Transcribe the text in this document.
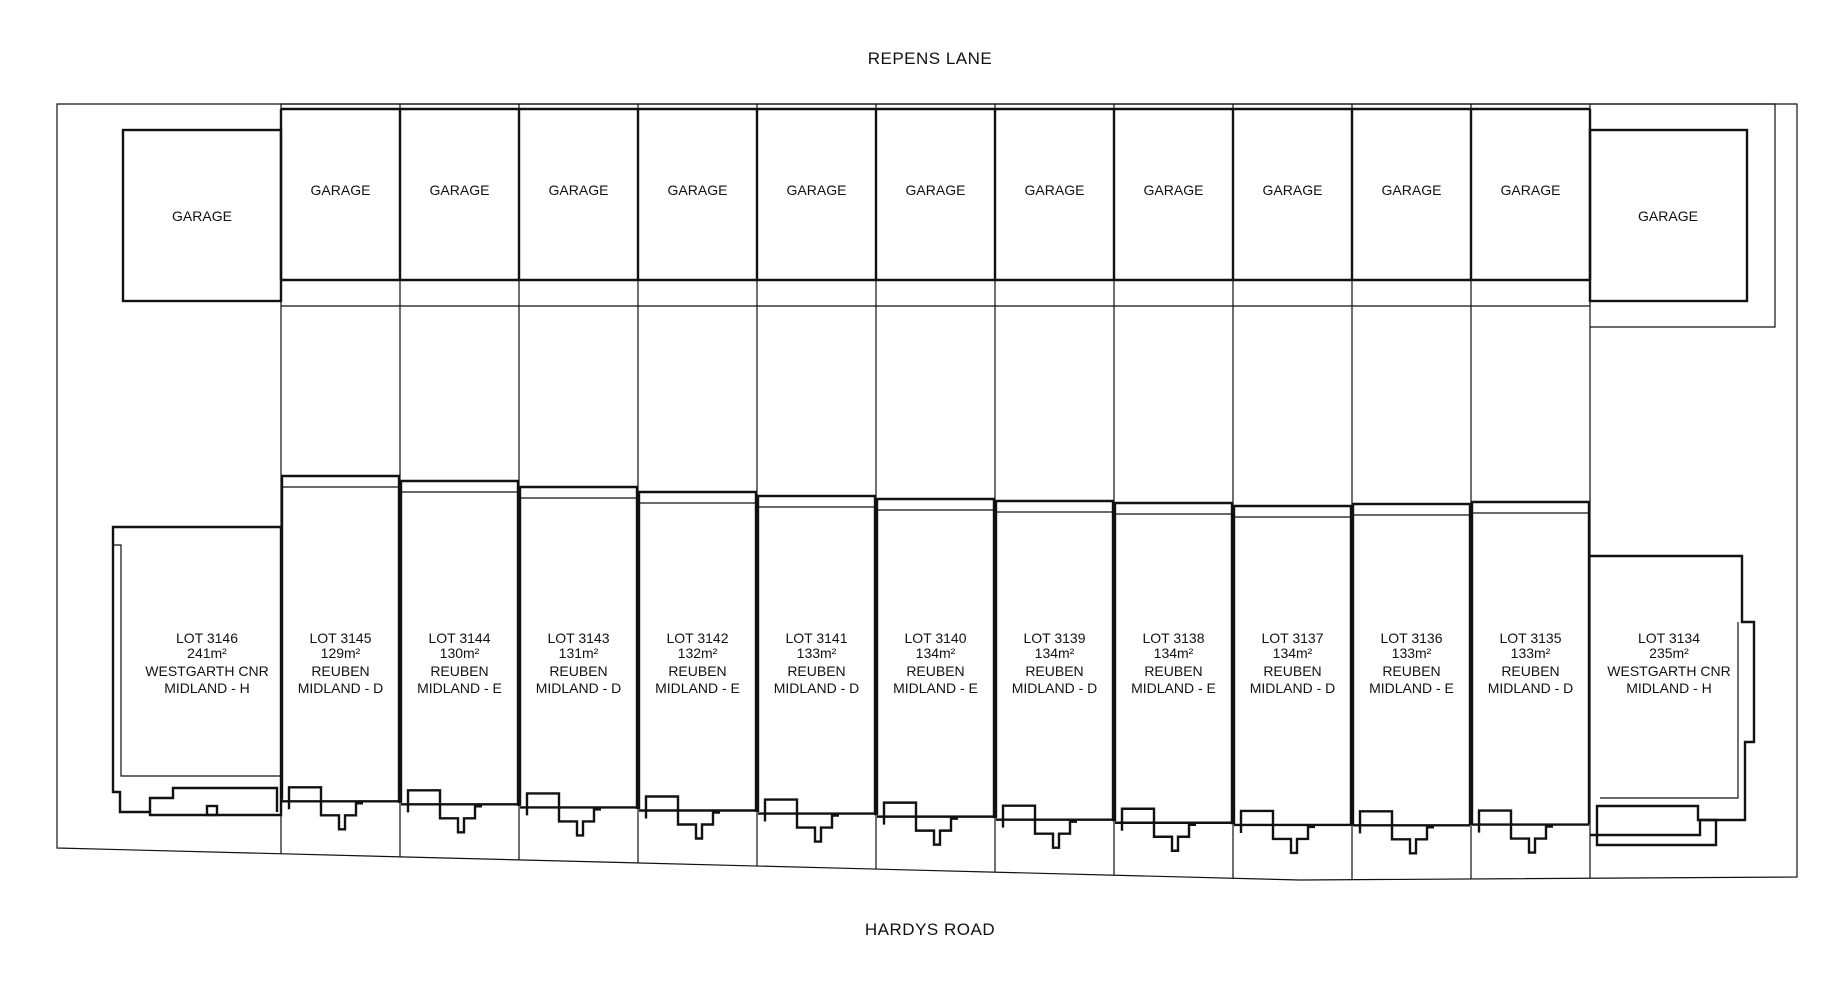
REPENS LANE
HARDYS ROAD
GARAGE
GARAGE	GARAGE	GARAGE	GARAGE	GARAGE	GARAGE	GARAGE	GARAGE	GARAGE	GARAGE	GARAGE
GARAGE
LOT 3146 241m² WESTGARTH CNR MIDLAND - H
LOT 3145 129m² REUBEN MIDLAND - D
LOT 3144 130m² REUBEN MIDLAND - E
LOT 3143 131m² REUBEN MIDLAND - D
LOT 3142 132m² REUBEN MIDLAND - E
LOT 3141 133m² REUBEN MIDLAND - D
LOT 3140 134m² REUBEN MIDLAND - E
LOT 3139 134m² REUBEN MIDLAND - D
LOT 3138 134m² REUBEN MIDLAND - E
LOT 3137 134m² REUBEN MIDLAND - D
LOT 3136 133m² REUBEN MIDLAND - E
LOT 3135 133m² REUBEN MIDLAND - D
LOT 3134 235m² WESTGARTH CNR MIDLAND - H
